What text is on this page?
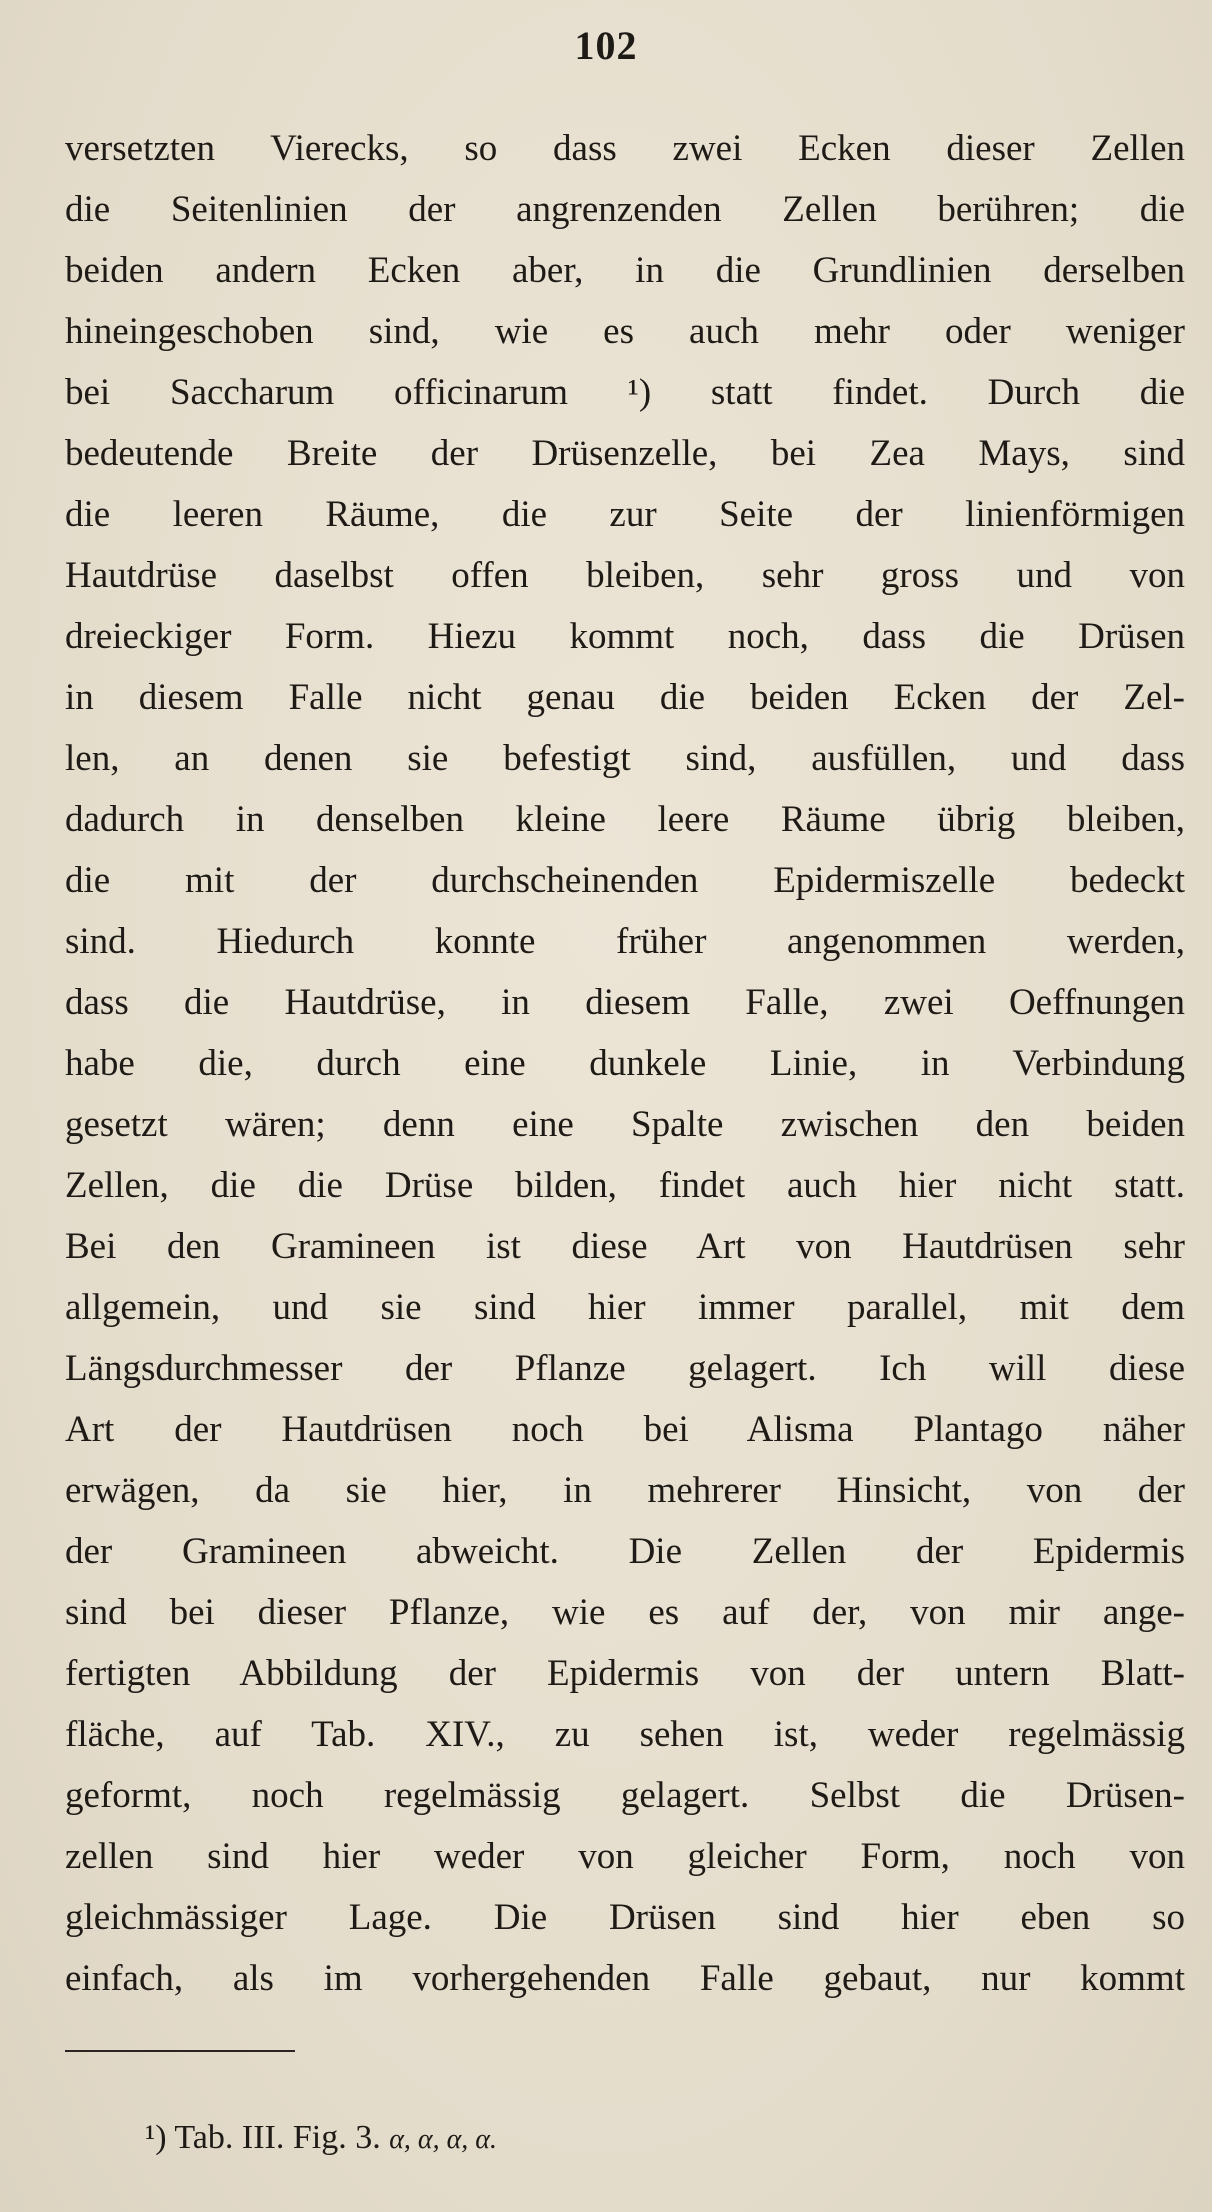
102
versetzten Vierecks, so dass zwei Ecken dieser Zellen
die Seitenlinien der angrenzenden Zellen berühren; die
beiden andern Ecken aber, in die Grundlinien derselben
hineingeschoben sind, wie es auch mehr oder weniger
bei Saccharum officinarum ¹) statt findet. Durch die
bedeutende Breite der Drüsenzelle, bei Zea Mays, sind
die leeren Räume, die zur Seite der linienförmigen
Hautdrüse daselbst offen bleiben, sehr gross und von
dreieckiger Form. Hiezu kommt noch, dass die Drüsen
in diesem Falle nicht genau die beiden Ecken der Zel-
len, an denen sie befestigt sind, ausfüllen, und dass
dadurch in denselben kleine leere Räume übrig bleiben,
die mit der durchscheinenden Epidermiszelle bedeckt
sind. Hiedurch konnte früher angenommen werden,
dass die Hautdrüse, in diesem Falle, zwei Oeffnungen
habe die, durch eine dunkele Linie, in Verbindung
gesetzt wären; denn eine Spalte zwischen den beiden
Zellen, die die Drüse bilden, findet auch hier nicht statt.
Bei den Gramineen ist diese Art von Hautdrüsen sehr
allgemein, und sie sind hier immer parallel, mit dem
Längsdurchmesser der Pflanze gelagert. Ich will diese
Art der Hautdrüsen noch bei Alisma Plantago näher
erwägen, da sie hier, in mehrerer Hinsicht, von der
der Gramineen abweicht. Die Zellen der Epidermis
sind bei dieser Pflanze, wie es auf der, von mir ange-
fertigten Abbildung der Epidermis von der untern Blatt-
fläche, auf Tab. XIV., zu sehen ist, weder regelmässig
geformt, noch regelmässig gelagert. Selbst die Drüsen-
zellen sind hier weder von gleicher Form, noch von
gleichmässiger Lage. Die Drüsen sind hier eben so
einfach, als im vorhergehenden Falle gebaut, nur kommt
¹) Tab. III. Fig. 3. α, α, α, α.
